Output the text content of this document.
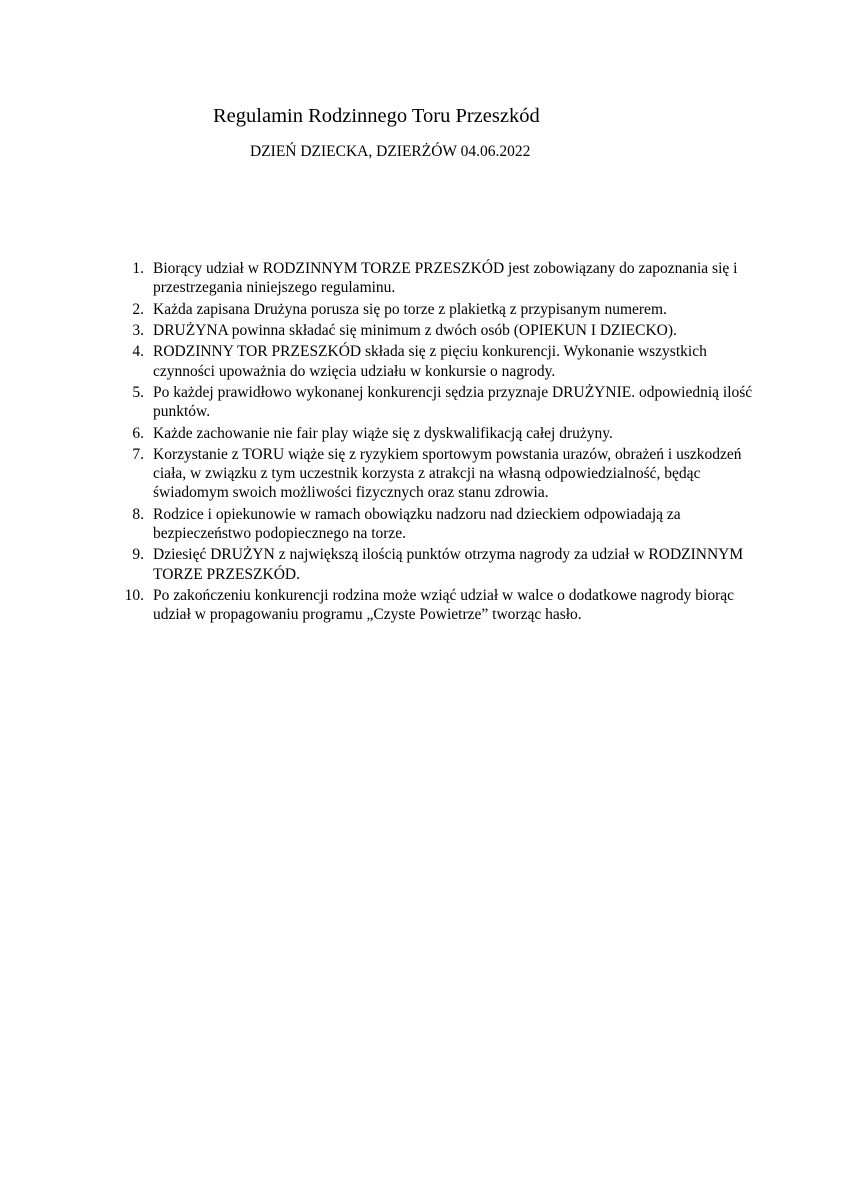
Regulamin Rodzinnego Toru Przeszkód
DZIEŃ DZIECKA, DZIERŻÓW 04.06.2022
1. Biorący udział w RODZINNYM TORZE PRZESZKÓD jest zobowiązany do zapoznania się i przestrzegania niniejszego regulaminu.
2. Każda zapisana Drużyna porusza się po torze z plakietką z przypisanym numerem.
3. DRUŻYNA powinna składać się minimum z dwóch osób (OPIEKUN I DZIECKO).
4. RODZINNY TOR PRZESZKÓD składa się z pięciu konkurencji. Wykonanie wszystkich czynności upoważnia do wzięcia udziału w konkursie o nagrody.
5. Po każdej prawidłowo wykonanej konkurencji sędzia przyznaje DRUŻYNIE. odpowiednią ilość punktów.
6. Każde zachowanie nie fair play wiąże się z dyskwalifikacją całej drużyny.
7. Korzystanie z TORU wiąże się z ryzykiem sportowym powstania urazów, obrażeń i uszkodzeń ciała, w związku z tym uczestnik korzysta z atrakcji na własną odpowiedzialność, będąc świadomym swoich możliwości fizycznych oraz stanu zdrowia.
8. Rodzice i opiekunowie w ramach obowiązku nadzoru nad dzieckiem odpowiadają za bezpieczeństwo podopiecznego na torze.
9. Dziesięć DRUŻYN z największą ilością punktów otrzyma nagrody za udział w RODZINNYM TORZE PRZESZKÓD.
10. Po zakończeniu konkurencji rodzina może wziąć udział w walce o dodatkowe nagrody biorąc udział w propagowaniu programu „Czyste Powietrze” tworząc hasło.
